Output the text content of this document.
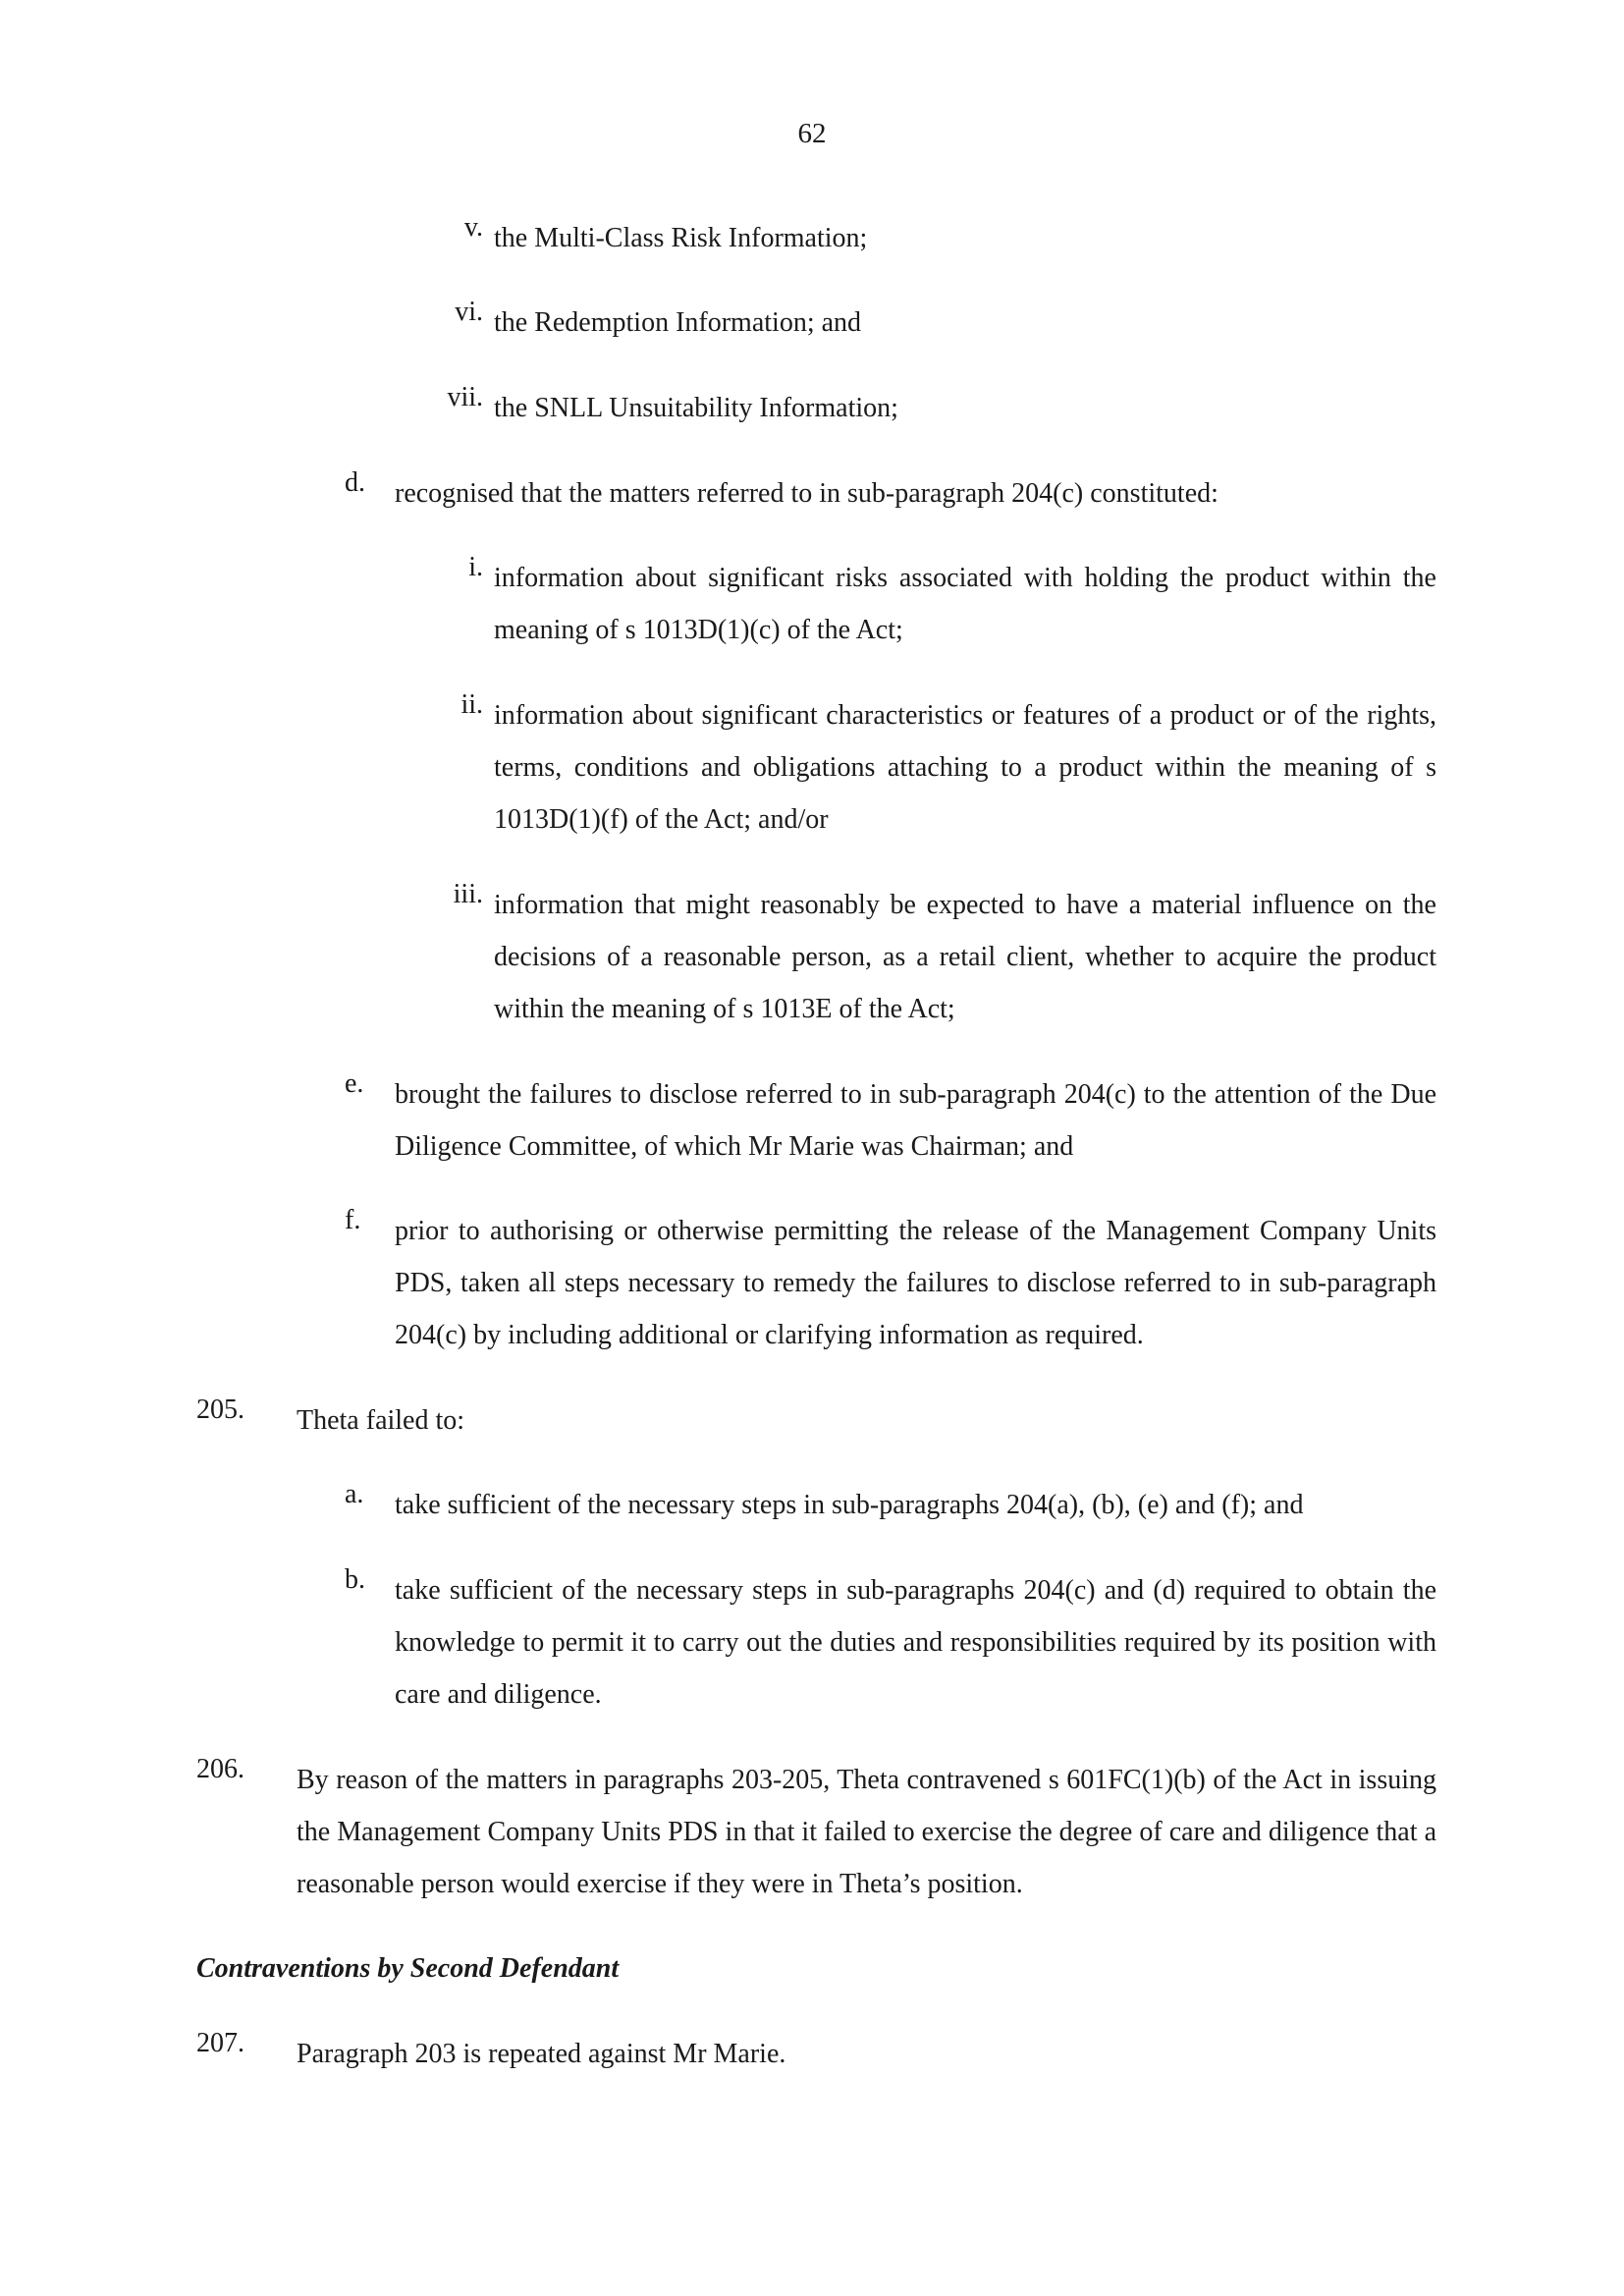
62
v. the Multi-Class Risk Information;
vi. the Redemption Information; and
vii. the SNLL Unsuitability Information;
d. recognised that the matters referred to in sub-paragraph 204(c) constituted:
i. information about significant risks associated with holding the product within the meaning of s 1013D(1)(c) of the Act;
ii. information about significant characteristics or features of a product or of the rights, terms, conditions and obligations attaching to a product within the meaning of s 1013D(1)(f) of the Act; and/or
iii. information that might reasonably be expected to have a material influence on the decisions of a reasonable person, as a retail client, whether to acquire the product within the meaning of s 1013E of the Act;
e. brought the failures to disclose referred to in sub-paragraph 204(c) to the attention of the Due Diligence Committee, of which Mr Marie was Chairman; and
f. prior to authorising or otherwise permitting the release of the Management Company Units PDS, taken all steps necessary to remedy the failures to disclose referred to in sub-paragraph 204(c) by including additional or clarifying information as required.
205. Theta failed to:
a. take sufficient of the necessary steps in sub-paragraphs 204(a), (b), (e) and (f); and
b. take sufficient of the necessary steps in sub-paragraphs 204(c) and (d) required to obtain the knowledge to permit it to carry out the duties and responsibilities required by its position with care and diligence.
206. By reason of the matters in paragraphs 203-205, Theta contravened s 601FC(1)(b) of the Act in issuing the Management Company Units PDS in that it failed to exercise the degree of care and diligence that a reasonable person would exercise if they were in Theta’s position.
Contraventions by Second Defendant
207. Paragraph 203 is repeated against Mr Marie.
